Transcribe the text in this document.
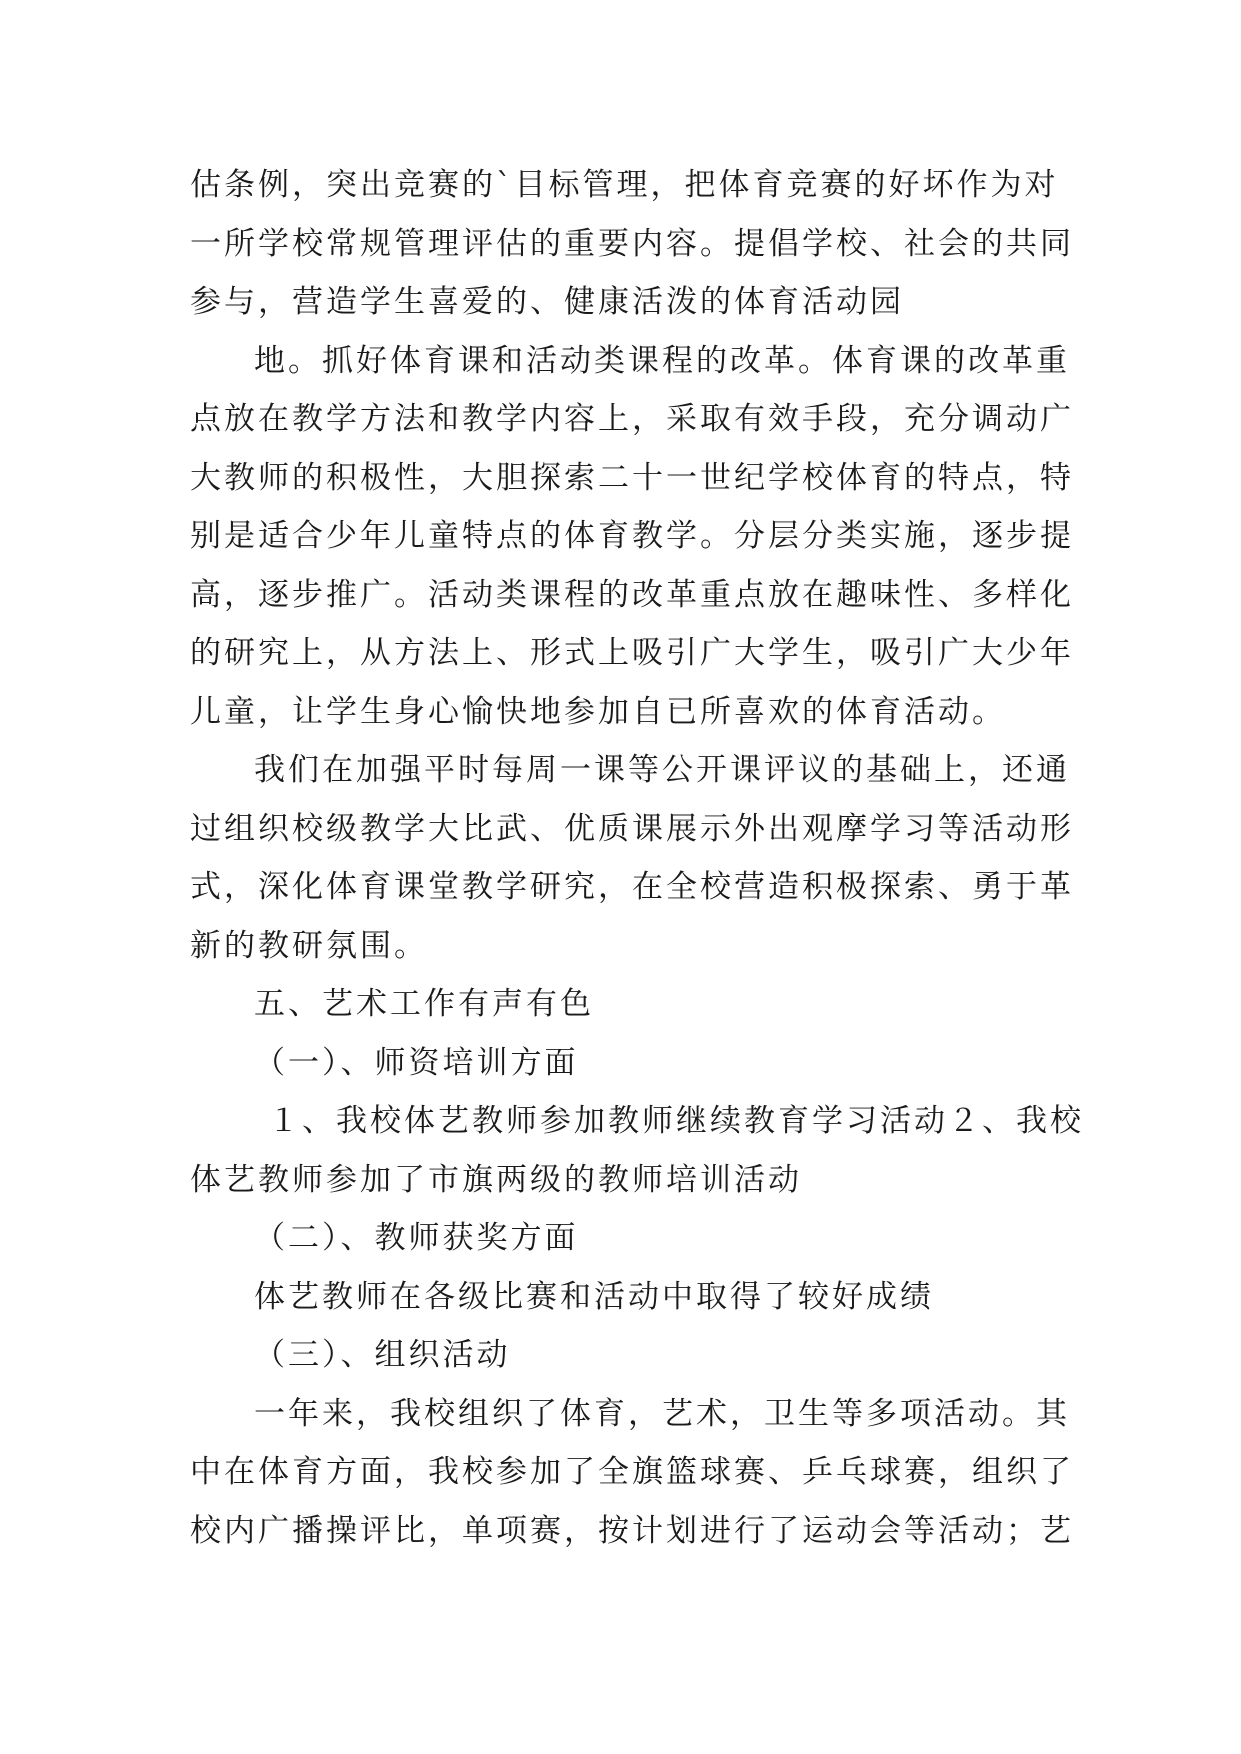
估条例，突出竞赛的`目标管理，把体育竞赛的好坏作为对
一所学校常规管理评估的重要内容。提倡学校、社会的共同
参与，营造学生喜爱的、健康活泼的体育活动园
地。抓好体育课和活动类课程的改革。体育课的改革重
点放在教学方法和教学内容上，采取有效手段，充分调动广
大教师的积极性，大胆探索二十一世纪学校体育的特点，特
别是适合少年儿童特点的体育教学。分层分类实施，逐步提
高，逐步推广。活动类课程的改革重点放在趣味性、多样化
的研究上，从方法上、形式上吸引广大学生，吸引广大少年
儿童，让学生身心愉快地参加自已所喜欢的体育活动。
我们在加强平时每周一课等公开课评议的基础上，还通
过组织校级教学大比武、优质课展示外出观摩学习等活动形
式，深化体育课堂教学研究，在全校营造积极探索、勇于革
新的教研氛围。
五、艺术工作有声有色
（一）、师资培训方面
１、我校体艺教师参加教师继续教育学习活动２、我校
体艺教师参加了市旗两级的教师培训活动
（二）、教师获奖方面
体艺教师在各级比赛和活动中取得了较好成绩
（三）、组织活动
一年来，我校组织了体育，艺术，卫生等多项活动。其
中在体育方面，我校参加了全旗篮球赛、乒乓球赛，组织了
校内广播操评比，单项赛，按计划进行了运动会等活动；艺
